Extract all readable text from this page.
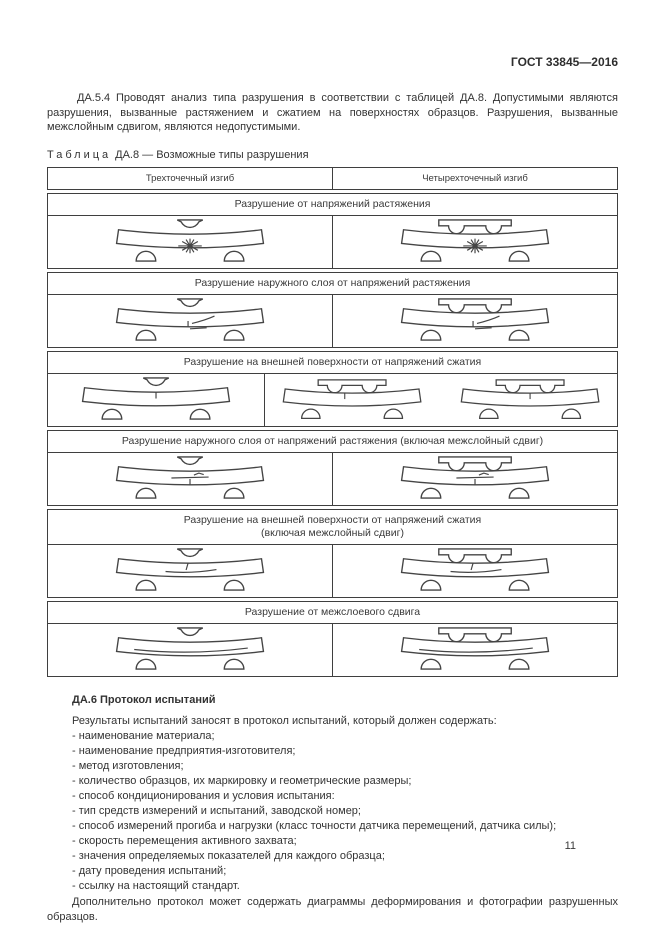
ГОСТ 33845—2016

ДА.5.4 Проводят анализ типа разрушения в соответствии с таблицей ДА.8. Допустимыми являются разрушения, вызванные растяжением и сжатием на поверхностях образцов. Разрушения, вызванные межслойным сдвигом, являются недопустимыми.

Таблица ДА.8 — Возможные типы разрушения
Трехточечный изгиб	Четырехточечный изгиб
Разрушение от напряжений растяжения
Разрушение наружного слоя от напряжений растяжения
Разрушение на внешней поверхности от напряжений сжатия
Разрушение наружного слоя от напряжений растяжения (включая межслойный сдвиг)
Разрушение на внешней поверхности от напряжений сжатия
(включая межслойный сдвиг)
Разрушение от межслоевого сдвига
ДА.6 Протокол испытаний
Результаты испытаний заносят в протокол испытаний, который должен содержать:
- наименование материала;
- наименование предприятия-изготовителя;
- метод изготовления;
- количество образцов, их маркировку и геометрические размеры;
- способ кондиционирования и условия испытания:
- тип средств измерений и испытаний, заводской номер;
- способ измерений прогиба и нагрузки (класс точности датчика перемещений, датчика силы);
- скорость перемещения активного захвата;
- значения определяемых показателей для каждого образца;
- дату проведения испытаний;
- ссылку на настоящий стандарт.
Дополнительно протокол может содержать диаграммы деформирования и фотографии разрушенных образцов.
11
